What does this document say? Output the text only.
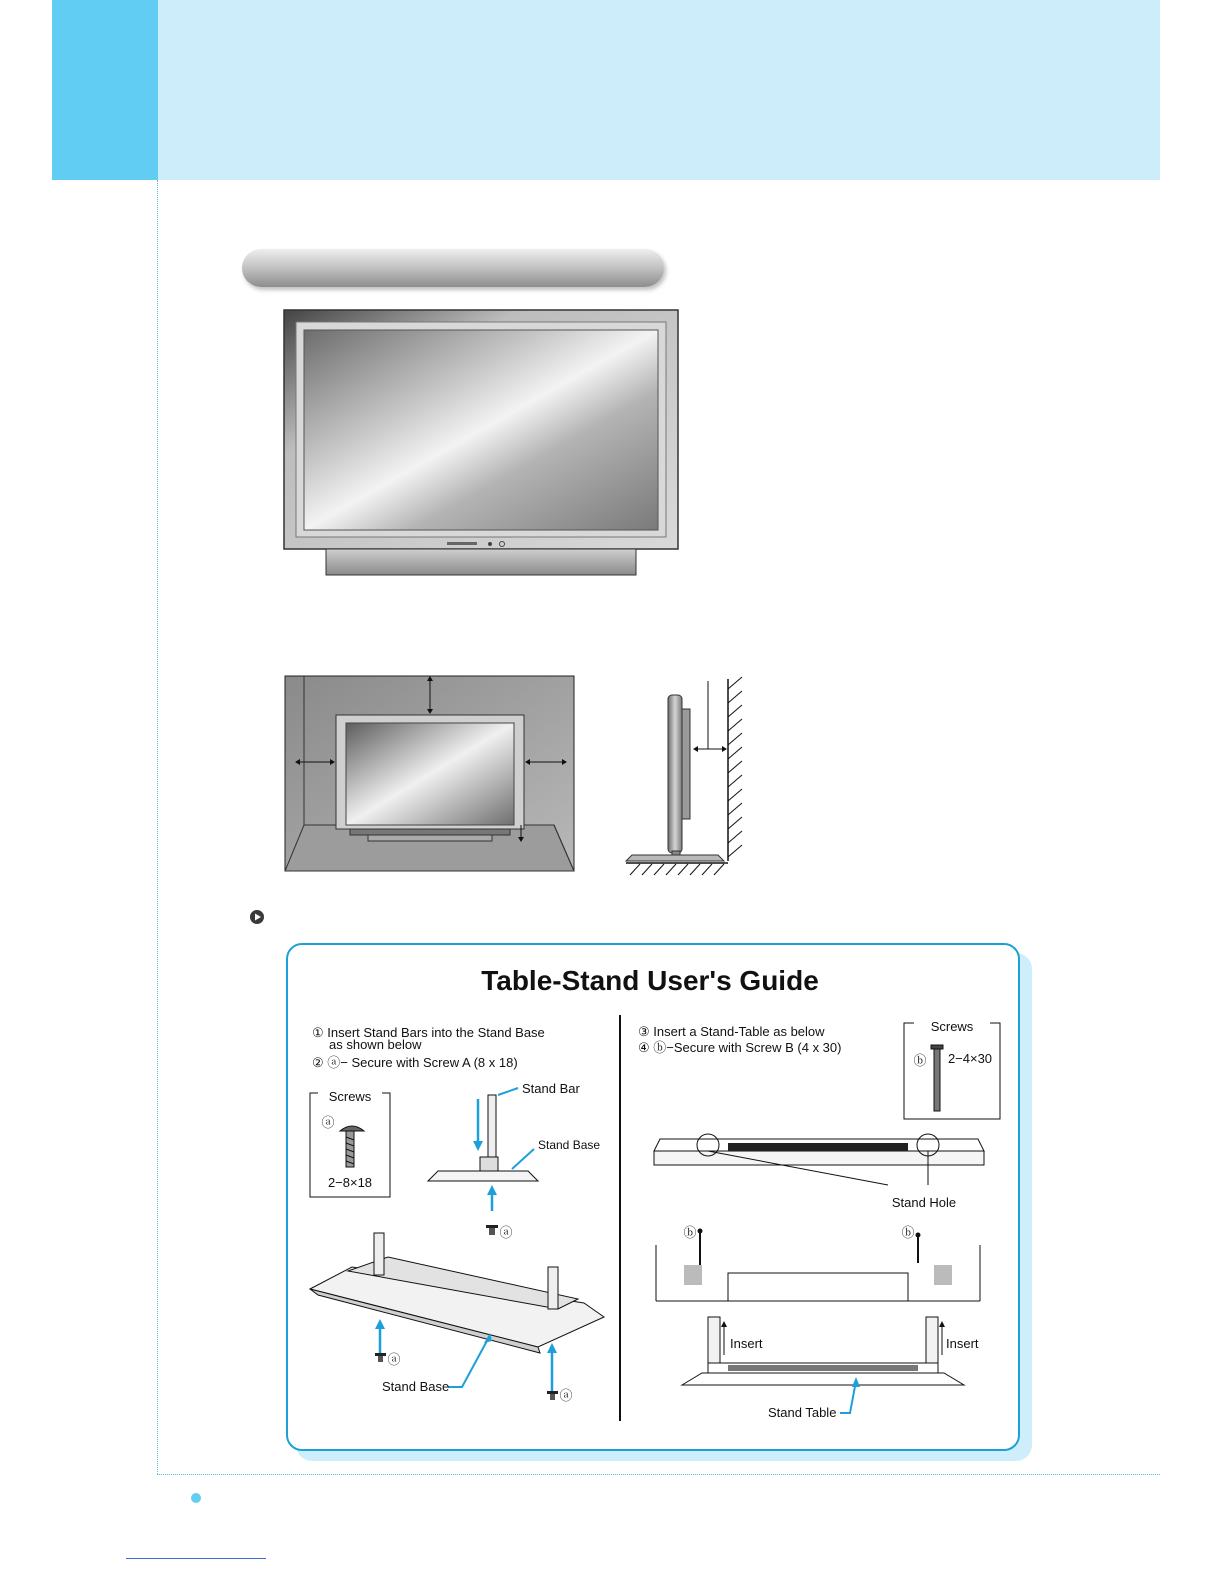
Table-Stand User's Guide
① Insert Stand Bars into the Stand Base
as shown below
② ⓐ− Secure with Screw A (8 x 18)
Screws
ⓐ
2−8×18
Stand Bar
Stand Base
ⓐ
ⓐ
ⓐ
Stand Base
③ Insert a Stand-Table as below
④ ⓑ−Secure with Screw B (4 x 30)
Screws
ⓑ 2−4×30
Stand Hole
ⓑ	ⓑ
Insert	Insert
Stand Table
